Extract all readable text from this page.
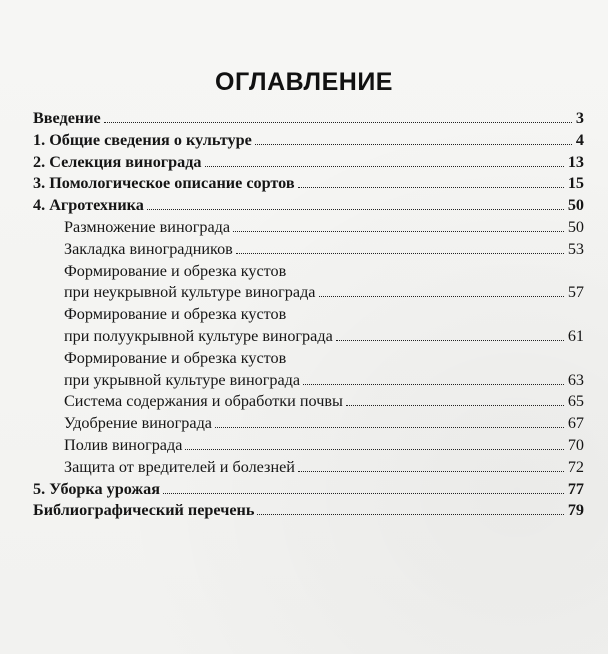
ОГЛАВЛЕНИЕ
Введение	3
1. Общие сведения о культуре	4
2. Селекция винограда	13
3. Помологическое описание сортов	15
4. Агротехника	50
Размножение винограда	50
Закладка виноградников	53
Формирование и обрезка кустов
при неукрывной культуре винограда	57
Формирование и обрезка кустов
при полуукрывной культуре винограда	61
Формирование и обрезка кустов
при укрывной культуре винограда	63
Система содержания и обработки почвы	65
Удобрение винограда	67
Полив винограда	70
Защита от вредителей и болезней	72
5. Уборка урожая	77
Библиографический перечень	79
